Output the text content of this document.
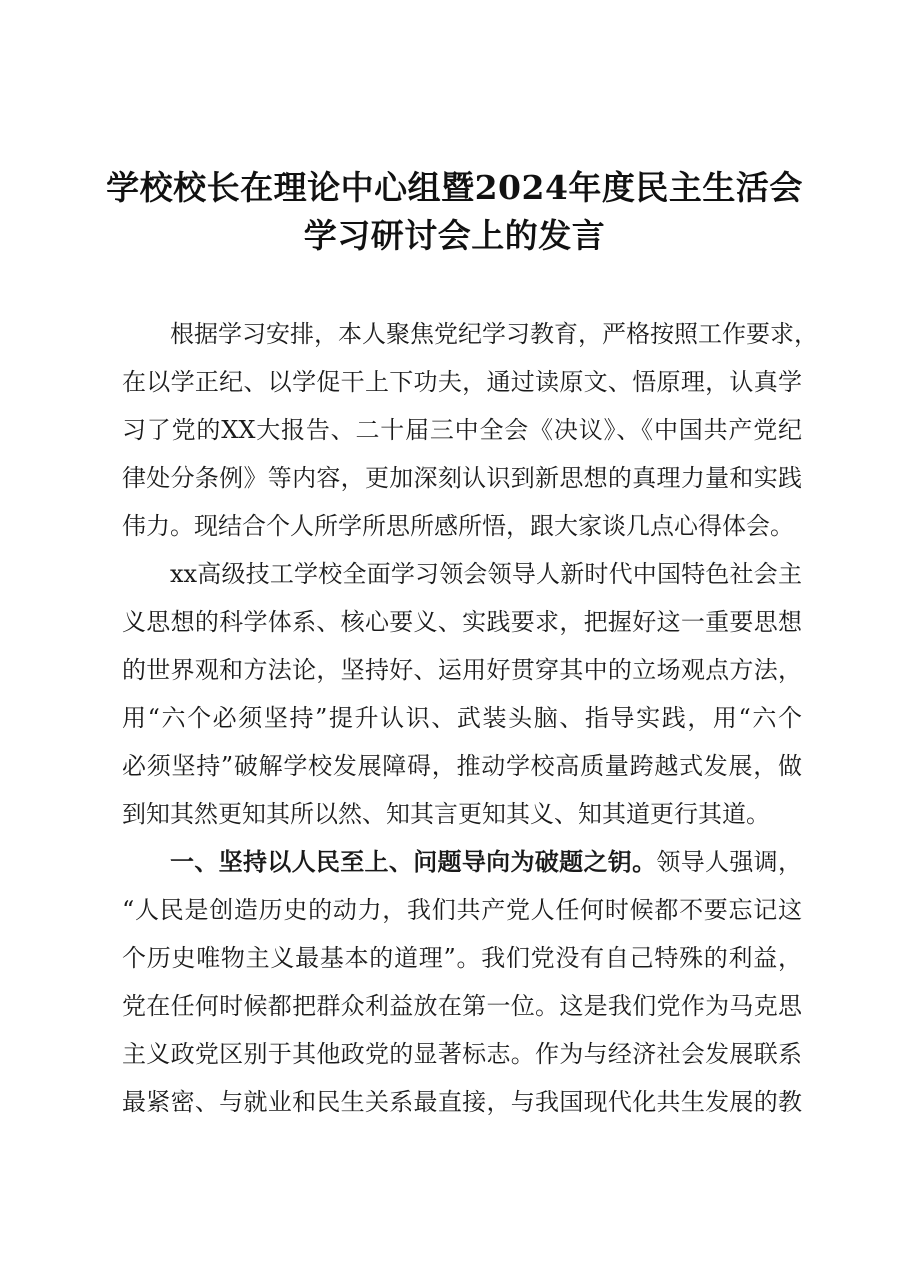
学校校长在理论中心组暨2024年度民主生活会
学习研讨会上的发言
根据学习安排，本人聚焦党纪学习教育，严格按照工作要求，
在以学正纪、以学促干上下功夫，通过读原文、悟原理，认真学
习了党的XX大报告、二十届三中全会《决议》、《中国共产党纪
律处分条例》等内容，更加深刻认识到新思想的真理力量和实践
伟力。现结合个人所学所思所感所悟，跟大家谈几点心得体会。
xx高级技工学校全面学习领会领导人新时代中国特色社会主
义思想的科学体系、核心要义、实践要求，把握好这一重要思想
的世界观和方法论，坚持好、运用好贯穿其中的立场观点方法，
用“六个必须坚持”提升认识、武装头脑、指导实践，用“六个
必须坚持”破解学校发展障碍，推动学校高质量跨越式发展，做
到知其然更知其所以然、知其言更知其义、知其道更行其道。
一、坚持以人民至上、问题导向为破题之钥。领导人强调，
“人民是创造历史的动力，我们共产党人任何时候都不要忘记这
个历史唯物主义最基本的道理”。我们党没有自己特殊的利益，
党在任何时候都把群众利益放在第一位。这是我们党作为马克思
主义政党区别于其他政党的显著标志。作为与经济社会发展联系
最紧密、与就业和民生关系最直接，与我国现代化共生发展的教
